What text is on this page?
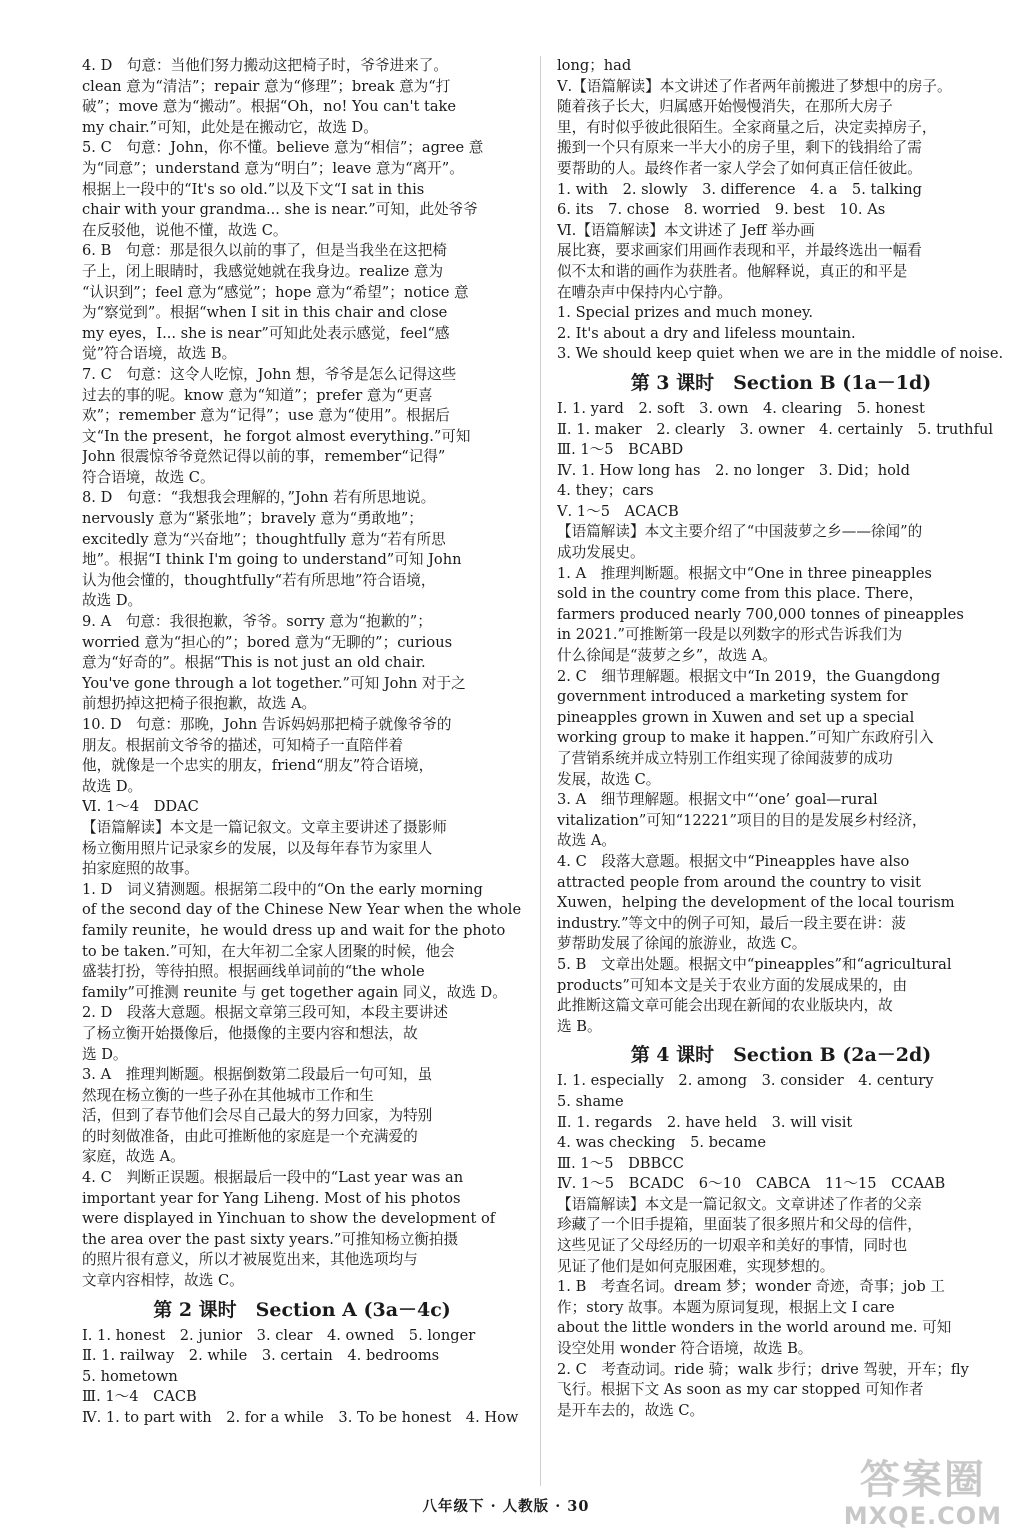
4. D　句意：当他们努力搬动这把椅子时，爷爷进来了。
clean 意为“清洁”；repair 意为“修理”；break 意为“打
破”；move 意为“搬动”。根据“Oh，no! You can't take
my chair.”可知，此处是在搬动它，故选 D。
5. C　句意：John，你不懂。believe 意为“相信”；agree 意
为“同意”；understand 意为“明白”；leave 意为“离开”。
根据上一段中的“It's so old.”以及下文“I sat in this
chair with your grandma... she is near.”可知，此处爷爷
在反驳他，说他不懂，故选 C。
6. B　句意：那是很久以前的事了，但是当我坐在这把椅
子上，闭上眼睛时，我感觉她就在我身边。realize 意为
“认识到”；feel 意为“感觉”；hope 意为“希望”；notice 意
为“察觉到”。根据“when I sit in this chair and close
my eyes，I... she is near”可知此处表示感觉，feel“感
觉”符合语境，故选 B。
7. C　句意：这令人吃惊，John 想，爷爷是怎么记得这些
过去的事的呢。know 意为“知道”；prefer 意为“更喜
欢”；remember 意为“记得”；use 意为“使用”。根据后
文“In the present，he forgot almost everything.”可知
John 很震惊爷爷竟然记得以前的事，remember“记得”
符合语境，故选 C。
8. D　句意：“我想我会理解的，”John 若有所思地说。
nervously 意为“紧张地”；bravely 意为“勇敢地”；
excitedly 意为“兴奋地”；thoughtfully 意为“若有所思
地”。根据“I think I'm going to understand”可知 John
认为他会懂的，thoughtfully“若有所思地”符合语境，
故选 D。
9. A　句意：我很抱歉，爷爷。sorry 意为“抱歉的”；
worried 意为“担心的”；bored 意为“无聊的”；curious
意为“好奇的”。根据“This is not just an old chair.
You've gone through a lot together.”可知 John 对于之
前想扔掉这把椅子很抱歉，故选 A。
10. D　句意：那晚，John 告诉妈妈那把椅子就像爷爷的
朋友。根据前文爷爷的描述，可知椅子一直陪伴着
他，就像是一个忠实的朋友，friend“朋友”符合语境，
故选 D。
Ⅵ. 1～4　DDAC
【语篇解读】本文是一篇记叙文。文章主要讲述了摄影师
杨立衡用照片记录家乡的发展，以及每年春节为家里人
拍家庭照的故事。
1. D　词义猜测题。根据第二段中的“On the early morning
of the second day of the Chinese New Year when the whole
family reunite，he would dress up and wait for the photo
to be taken.”可知，在大年初二全家人团聚的时候，他会
盛装打扮，等待拍照。根据画线单词前的“the whole
family”可推测 reunite 与 get together again 同义，故选 D。
2. D　段落大意题。根据文章第三段可知，本段主要讲述
了杨立衡开始摄像后，他摄像的主要内容和想法，故
选 D。
3. A　推理判断题。根据倒数第二段最后一句可知，虽
然现在杨立衡的一些子孙在其他城市工作和生
活，但到了春节他们会尽自己最大的努力回家，为特别
的时刻做准备，由此可推断他的家庭是一个充满爱的
家庭，故选 A。
4. C　判断正误题。根据最后一段中的“Last year was an
important year for Yang Liheng. Most of his photos
were displayed in Yinchuan to show the development of
the area over the past sixty years.”可推知杨立衡拍摄
的照片很有意义，所以才被展览出来，其他选项均与
文章内容相悖，故选 C。
第 2 课时　Section A (3a－4c)
Ⅰ. 1. honest　2. junior　3. clear　4. owned　5. longer
Ⅱ. 1. railway　2. while　3. certain　4. bedrooms
5. hometown
Ⅲ. 1～4　CACB
Ⅳ. 1. to part with　2. for a while　3. To be honest　4. How
long；had
Ⅴ.【语篇解读】本文讲述了作者两年前搬进了梦想中的房子。
随着孩子长大，归属感开始慢慢消失，在那所大房子
里，有时似乎彼此很陌生。全家商量之后，决定卖掉房子，
搬到一个只有原来一半大小的房子里，剩下的钱捐给了需
要帮助的人。最终作者一家人学会了如何真正信任彼此。
1. with　2. slowly　3. difference　4. a　5. talking
6. its　7. chose　8. worried　9. best　10. As
Ⅵ.【语篇解读】本文讲述了 Jeff 举办画
展比赛，要求画家们用画作表现和平，并最终选出一幅看
似不太和谐的画作为获胜者。他解释说，真正的和平是
在嘈杂声中保持内心宁静。
1. Special prizes and much money.
2. It's about a dry and lifeless mountain.
3. We should keep quiet when we are in the middle of noise.
第 3 课时　Section B (1a－1d)
Ⅰ. 1. yard　2. soft　3. own　4. clearing　5. honest
Ⅱ. 1. maker　2. clearly　3. owner　4. certainly　5. truthful
Ⅲ. 1～5　BCABD
Ⅳ. 1. How long has　2. no longer　3. Did；hold
4. they；cars
Ⅴ. 1～5　ACACB
【语篇解读】本文主要介绍了“中国菠萝之乡——徐闻”的
成功发展史。
1. A　推理判断题。根据文中“One in three pineapples
sold in the country come from this place. There，
farmers produced nearly 700,000 tonnes of pineapples
in 2021.”可推断第一段是以列数字的形式告诉我们为
什么徐闻是“菠萝之乡”，故选 A。
2. C　细节理解题。根据文中“In 2019，the Guangdong
government introduced a marketing system for
pineapples grown in Xuwen and set up a special
working group to make it happen.”可知广东政府引入
了营销系统并成立特别工作组实现了徐闻菠萝的成功
发展，故选 C。
3. A　细节理解题。根据文中“‘one’ goal—rural
vitalization”可知“12221”项目的目的是发展乡村经济，
故选 A。
4. C　段落大意题。根据文中“Pineapples have also
attracted people from around the country to visit
Xuwen，helping the development of the local tourism
industry.”等文中的例子可知，最后一段主要在讲：菠
萝帮助发展了徐闻的旅游业，故选 C。
5. B　文章出处题。根据文中“pineapples”和“agricultural
products”可知本文是关于农业方面的发展成果的，由
此推断这篇文章可能会出现在新闻的农业版块内，故
选 B。
第 4 课时　Section B (2a－2d)
Ⅰ. 1. especially　2. among　3. consider　4. century
5. shame
Ⅱ. 1. regards　2. have held　3. will visit
4. was checking　5. became
Ⅲ. 1～5　DBBCC
Ⅳ. 1～5　BCADC　6～10　CABCA　11～15　CCAAB
【语篇解读】本文是一篇记叙文。文章讲述了作者的父亲
珍藏了一个旧手提箱，里面装了很多照片和父母的信件，
这些见证了父母经历的一切艰辛和美好的事情，同时也
见证了他们是如何克服困难，实现梦想的。
1. B　考查名词。dream 梦；wonder 奇迹，奇事；job 工
作；story 故事。本题为原词复现，根据上文 I care
about the little wonders in the world around me. 可知
设空处用 wonder 符合语境，故选 B。
2. C　考查动词。ride 骑；walk 步行；drive 驾驶，开车；fly
飞行。根据下文 As soon as my car stopped 可知作者
是开车去的，故选 C。
八年级下 · 人教版 · 30
答案圈
MXQE.COM
